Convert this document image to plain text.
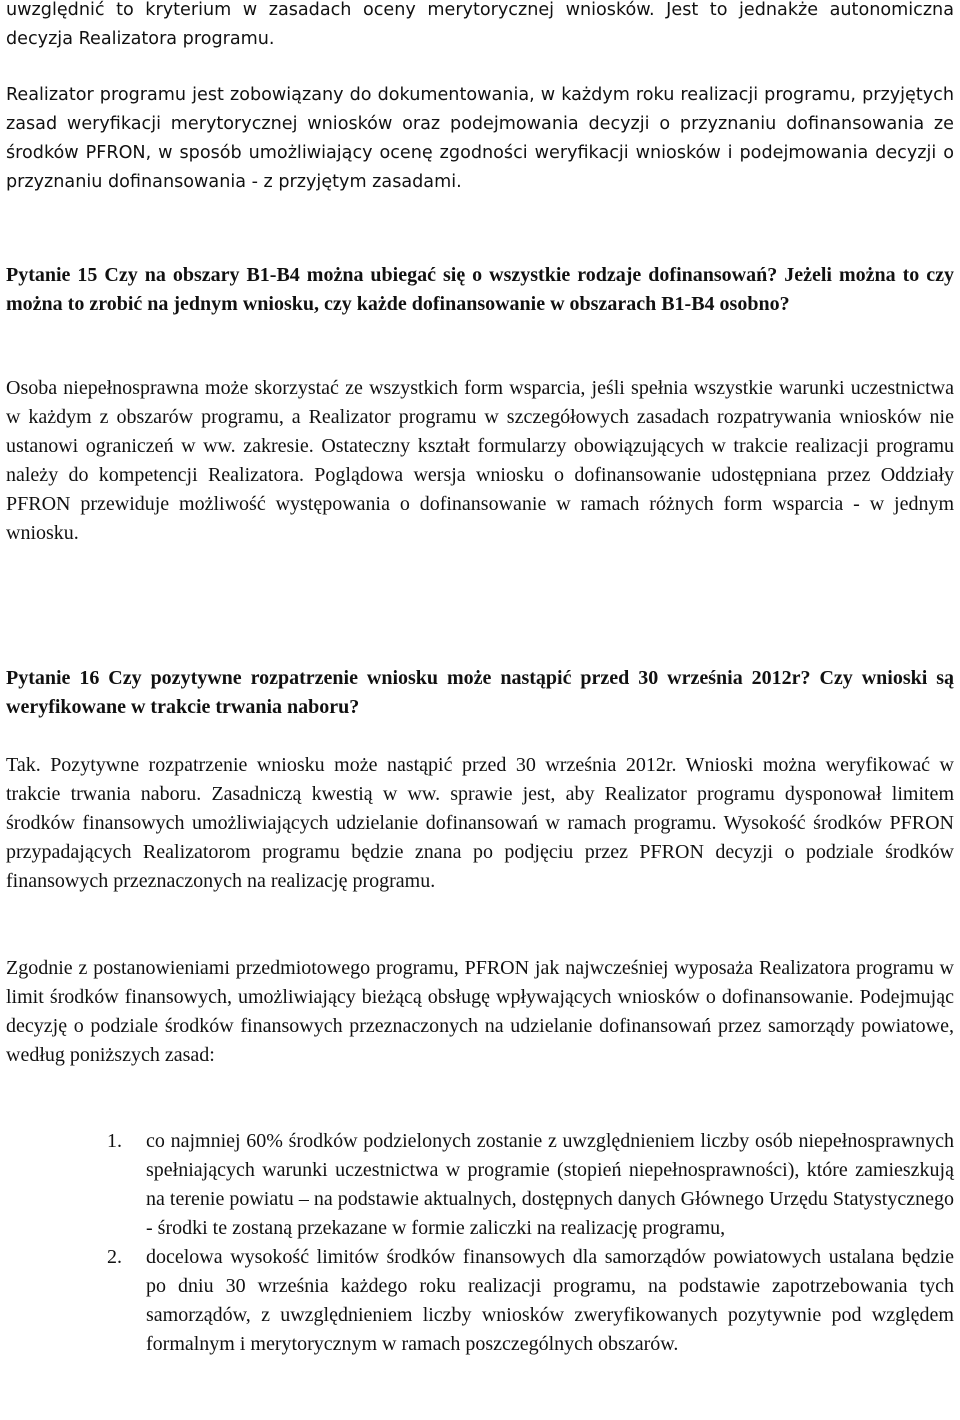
uwzględnić to kryterium w zasadach oceny merytorycznej wniosków. Jest to jednakże autonomiczna decyzja Realizatora programu.

Realizator programu jest zobowiązany do dokumentowania, w każdym roku realizacji programu, przyjętych zasad weryfikacji merytorycznej wniosków oraz podejmowania decyzji o przyznaniu dofinansowania ze środków PFRON, w sposób umożliwiający ocenę zgodności weryfikacji wniosków i podejmowania decyzji o przyznaniu dofinansowania - z przyjętym zasadami.

Pytanie 15 Czy na obszary B1-B4 można ubiegać się o wszystkie rodzaje dofinansowań? Jeżeli można to czy można to zrobić na jednym wniosku, czy każde dofinansowanie w obszarach B1-B4 osobno?

Osoba niepełnosprawna może skorzystać ze wszystkich form wsparcia, jeśli spełnia wszystkie warunki uczestnictwa w każdym z obszarów programu, a Realizator programu w szczegółowych zasadach rozpatrywania wniosków nie ustanowi ograniczeń w ww. zakresie. Ostateczny kształt formularzy obowiązujących w trakcie realizacji programu należy do kompetencji Realizatora. Poglądowa wersja wniosku o dofinansowanie udostępniana przez Oddziały PFRON przewiduje możliwość występowania o dofinansowanie w ramach różnych form wsparcia - w jednym wniosku.

Pytanie 16 Czy pozytywne rozpatrzenie wniosku może nastąpić przed 30 września 2012r? Czy wnioski są weryfikowane w trakcie trwania naboru?

Tak. Pozytywne rozpatrzenie wniosku może nastąpić przed 30 września 2012r. Wnioski można weryfikować w trakcie trwania naboru. Zasadniczą kwestią w ww. sprawie jest, aby Realizator programu dysponował limitem środków finansowych umożliwiających udzielanie dofinansowań w ramach programu. Wysokość środków PFRON przypadających Realizatorom programu będzie znana po podjęciu przez PFRON decyzji o podziale środków finansowych przeznaczonych na realizację programu.

Zgodnie z postanowieniami przedmiotowego programu, PFRON jak najwcześniej wyposaża Realizatora programu w limit środków finansowych, umożliwiający bieżącą obsługę wpływających wniosków o dofinansowanie. Podejmując decyzję o podziale środków finansowych przeznaczonych na udzielanie dofinansowań przez samorządy powiatowe, według poniższych zasad:

1. co najmniej 60% środków podzielonych zostanie z uwzględnieniem liczby osób niepełnosprawnych spełniających warunki uczestnictwa w programie (stopień niepełnosprawności), które zamieszkują na terenie powiatu – na podstawie aktualnych, dostępnych danych Głównego Urzędu Statystycznego - środki te zostaną przekazane w formie zaliczki na realizację programu,
2. docelowa wysokość limitów środków finansowych dla samorządów powiatowych ustalana będzie po dniu 30 września każdego roku realizacji programu, na podstawie zapotrzebowania tych samorządów, z uwzględnieniem liczby wniosków zweryfikowanych pozytywnie pod względem formalnym i merytorycznym w ramach poszczególnych obszarów.
